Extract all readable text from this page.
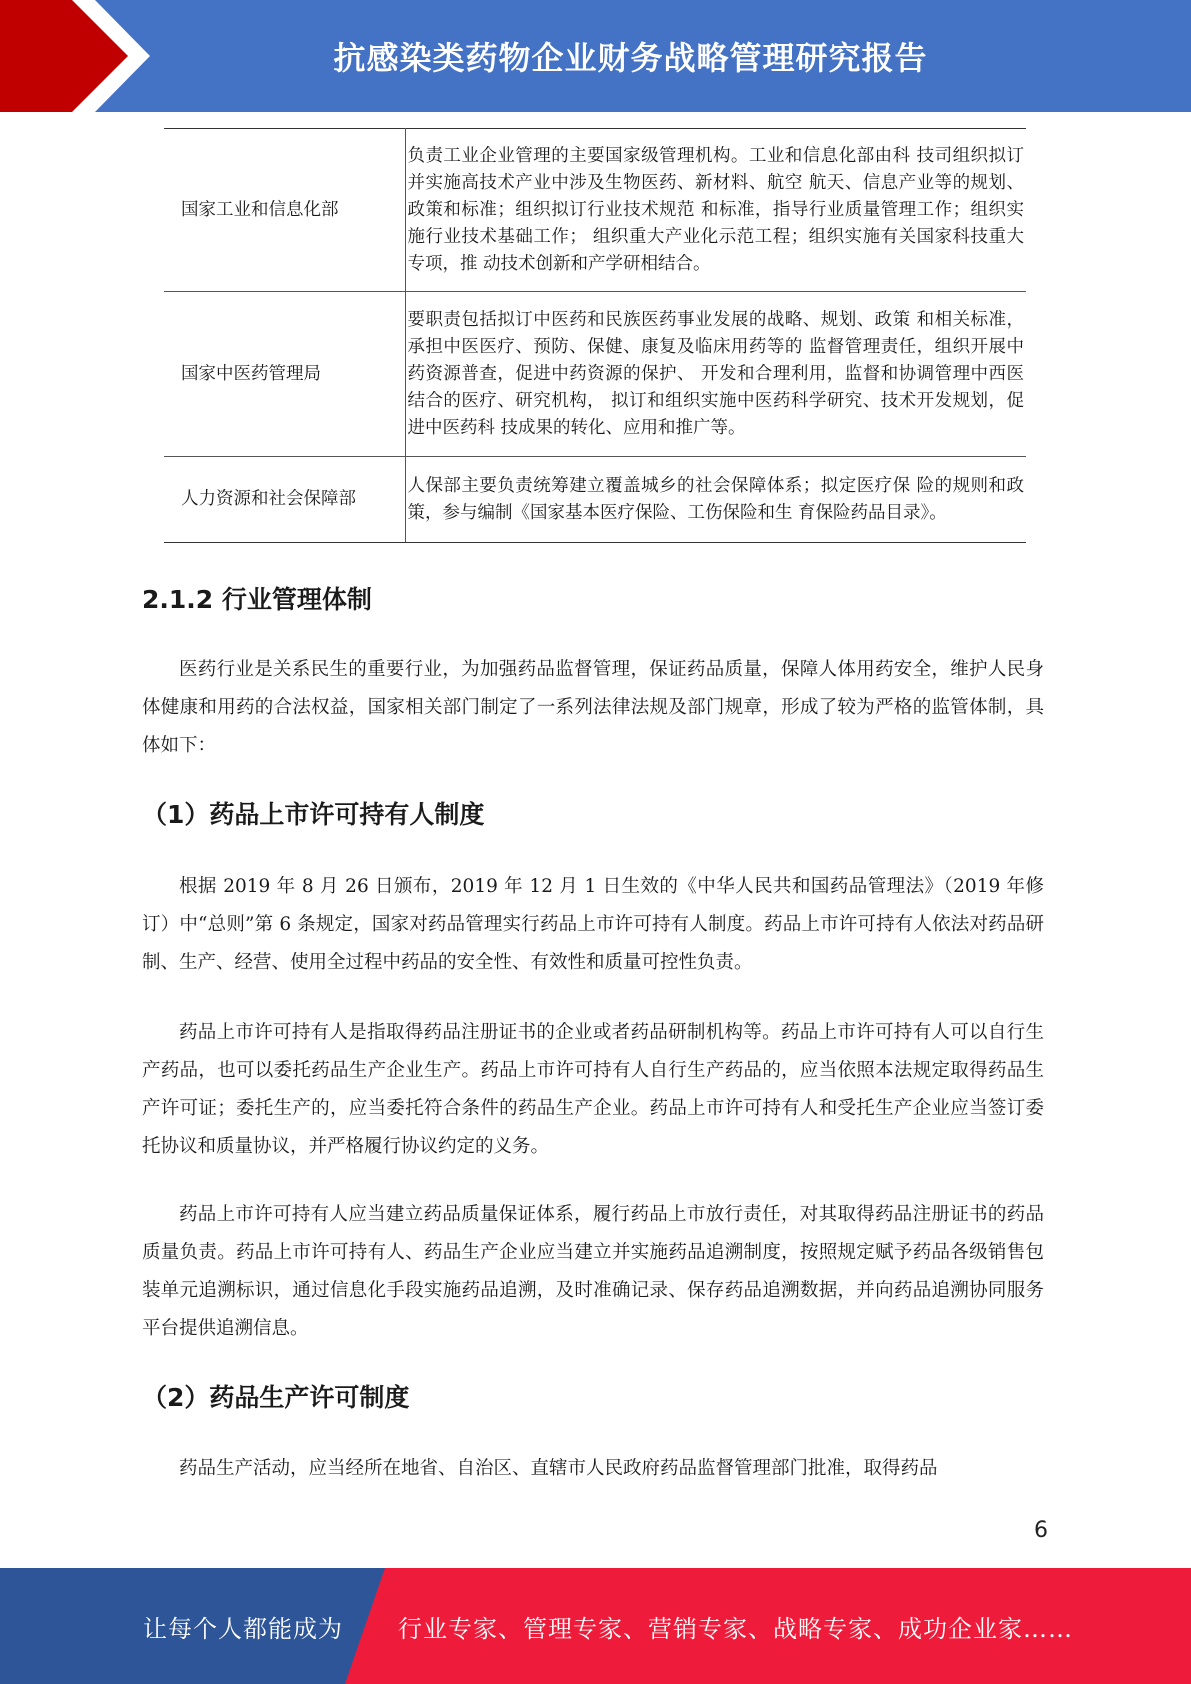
抗感染类药物企业财务战略管理研究报告
国家工业和信息化部	负责工业企业管理的主要国家级管理机构。工业和信息化部由科 技司组织拟订并实施高技术产业中涉及生物医药、新材料、航空 航天、信息产业等的规划、政策和标准；组织拟订行业技术规范 和标准，指导行业质量管理工作；组织实施行业技术基础工作； 组织重大产业化示范工程；组织实施有关国家科技重大专项，推 动技术创新和产学研相结合。
国家中医药管理局	要职责包括拟订中医药和民族医药事业发展的战略、规划、政策 和相关标准，承担中医医疗、预防、保健、康复及临床用药等的 监督管理责任，组织开展中药资源普查，促进中药资源的保护、 开发和合理利用，监督和协调管理中西医结合的医疗、研究机构， 拟订和组织实施中医药科学研究、技术开发规划，促进中医药科 技成果的转化、应用和推广等。
人力资源和社会保障部	人保部主要负责统筹建立覆盖城乡的社会保障体系；拟定医疗保 险的规则和政策，参与编制《国家基本医疗保险、工伤保险和生 育保险药品目录》。
2.1.2 行业管理体制

医药行业是关系民生的重要行业，为加强药品监督管理，保证药品质量，保障人体用药安全，维护人民身体健康和用药的合法权益，国家相关部门制定了一系列法律法规及部门规章，形成了较为严格的监管体制，具体如下：

（1）药品上市许可持有人制度

根据 2019 年 8 月 26 日颁布，2019 年 12 月 1 日生效的《中华人民共和国药品管理法》（2019 年修订）中“总则”第 6 条规定，国家对药品管理实行药品上市许可持有人制度。药品上市许可持有人依法对药品研制、生产、经营、使用全过程中药品的安全性、有效性和质量可控性负责。

药品上市许可持有人是指取得药品注册证书的企业或者药品研制机构等。药品上市许可持有人可以自行生产药品，也可以委托药品生产企业生产。药品上市许可持有人自行生产药品的，应当依照本法规定取得药品生产许可证；委托生产的，应当委托符合条件的药品生产企业。药品上市许可持有人和受托生产企业应当签订委托协议和质量协议，并严格履行协议约定的义务。

药品上市许可持有人应当建立药品质量保证体系，履行药品上市放行责任，对其取得药品注册证书的药品质量负责。药品上市许可持有人、药品生产企业应当建立并实施药品追溯制度，按照规定赋予药品各级销售包装单元追溯标识，通过信息化手段实施药品追溯，及时准确记录、保存药品追溯数据，并向药品追溯协同服务平台提供追溯信息。

（2）药品生产许可制度

药品生产活动，应当经所在地省、自治区、直辖市人民政府药品监督管理部门批准，取得药品

6
让每个人都能成为 行业专家、管理专家、营销专家、战略专家、成功企业家……
